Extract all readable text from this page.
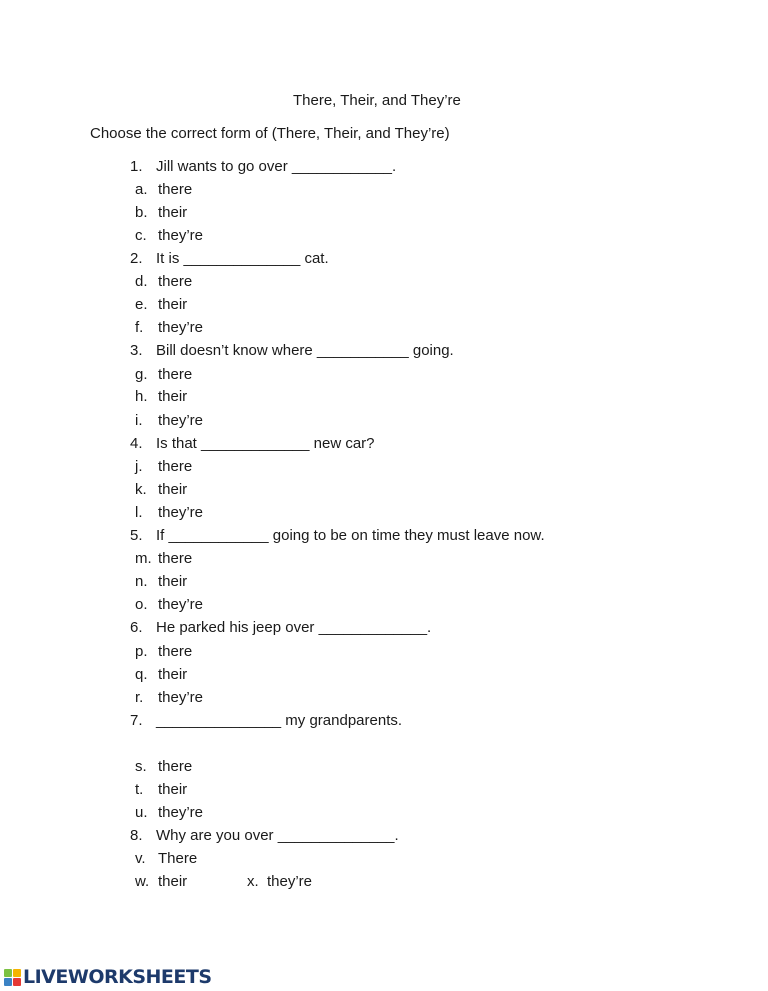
There, Their, and They’re
Choose the correct form of (There, Their, and They’re)
1. Jill wants to go over ____________.
a. there
b. their
c. they’re
2. It is ______________ cat.
d. there
e. their
f. they’re
3. Bill doesn’t know where ___________ going.
g. there
h. their
i. they’re
4. Is that _____________ new car?
j. there
k. their
l. they’re
5. If ____________ going to be on time they must leave now.
m. there
n. their
o. they’re
6. He parked his jeep over _____________.
p. there
q. their
r. they’re
7. _______________ my grandparents.
s. there
t. their
u. they’re
8. Why are you over ______________.
v. There
w. their	x. they’re
LIVEWORKSHEETS
